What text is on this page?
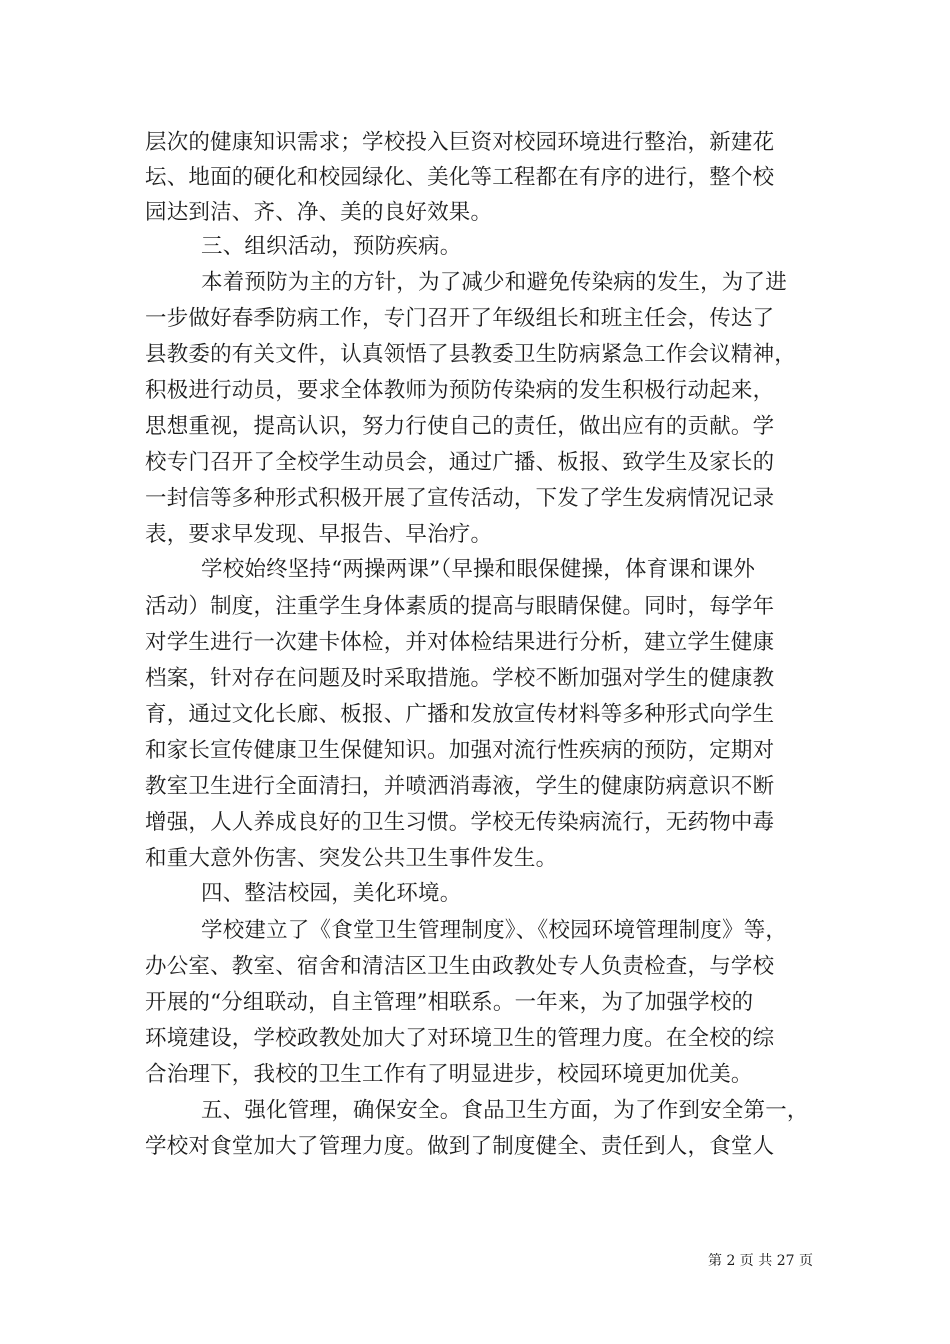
层次的健康知识需求；学校投入巨资对校园环境进行整治，新建花
坛、地面的硬化和校园绿化、美化等工程都在有序的进行，整个校
园达到洁、齐、净、美的良好效果。
三、组织活动，预防疾病。
本着预防为主的方针，为了减少和避免传染病的发生，为了进
一步做好春季防病工作，专门召开了年级组长和班主任会，传达了
县教委的有关文件，认真领悟了县教委卫生防病紧急工作会议精神，
积极进行动员，要求全体教师为预防传染病的发生积极行动起来，
思想重视，提高认识，努力行使自己的责任，做出应有的贡献。学
校专门召开了全校学生动员会，通过广播、板报、致学生及家长的
一封信等多种形式积极开展了宣传活动，下发了学生发病情况记录
表，要求早发现、早报告、早治疗。
学校始终坚持“两操两课”（早操和眼保健操，体育课和课外
活动）制度，注重学生身体素质的提高与眼睛保健。同时，每学年
对学生进行一次建卡体检，并对体检结果进行分析，建立学生健康
档案，针对存在问题及时采取措施。学校不断加强对学生的健康教
育，通过文化长廊、板报、广播和发放宣传材料等多种形式向学生
和家长宣传健康卫生保健知识。加强对流行性疾病的预防，定期对
教室卫生进行全面清扫，并喷洒消毒液，学生的健康防病意识不断
增强，人人养成良好的卫生习惯。学校无传染病流行，无药物中毒
和重大意外伤害、突发公共卫生事件发生。
四、整洁校园，美化环境。
学校建立了《食堂卫生管理制度》、《校园环境管理制度》等，
办公室、教室、宿舍和清洁区卫生由政教处专人负责检查，与学校
开展的“分组联动，自主管理”相联系。一年来，为了加强学校的
环境建设，学校政教处加大了对环境卫生的管理力度。在全校的综
合治理下，我校的卫生工作有了明显进步，校园环境更加优美。
五、强化管理，确保安全。食品卫生方面，为了作到安全第一，
学校对食堂加大了管理力度。做到了制度健全、责任到人，食堂人
第 2 页 共 27 页
